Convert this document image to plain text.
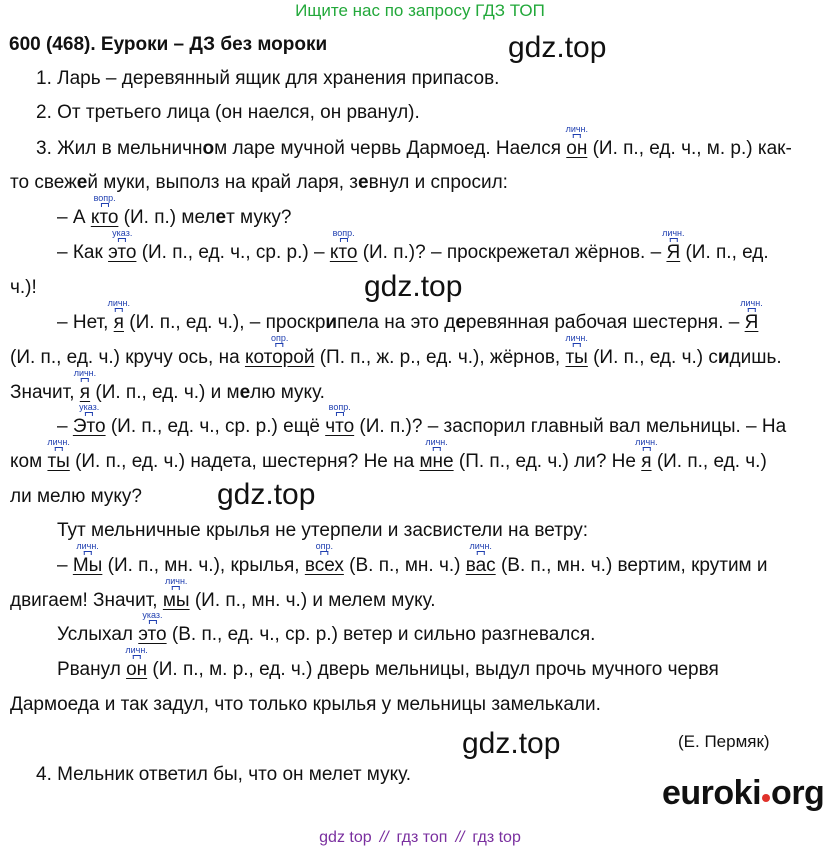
Ищите нас по запросу ГДЗ ТОП
600 (468). Еуроки – ДЗ без мороки	gdz.top
gdz.top
gdz.top
gdz.top
1. Ларь – деревянный ящик для хранения припасов.
2. От третьего лица (он наелся, он рванул).
3. Жил в мельничном ларе мучной червь Дармоед. Наелся
личн.
он (И. п., ед. ч., м. р.) как-
то свежей муки, выполз на край ларя, зевнул и спросил:
– А
вопр.
кто (И. п.) мелет муку?
– Как
указ.
это (И. п., ед. ч., ср. р.) –
вопр.
кто (И. п.)? – проскрежетал жёрнов. –
личн.
Я (И. п., ед.
ч.)!
– Нет,
личн.
я (И. п., ед. ч.), – проскрипела на это деревянная рабочая шестерня. –
личн.
Я
(И. п., ед. ч.) кручу ось, на
опр.
которой (П. п., ж. р., ед. ч.), жёрнов,
личн.
ты (И. п., ед. ч.) сидишь.
Значит,
личн.
я (И. п., ед. ч.) и мелю муку.
–
указ.
Это (И. п., ед. ч., ср. р.) ещё
вопр.
что (И. п.)? – заспорил главный вал мельницы. – На
ком
личн.
ты (И. п., ед. ч.) надета, шестерня? Не на
личн.
мне (П. п., ед. ч.) ли? Не
личн.
я (И. п., ед. ч.)
ли мелю муку?
Тут мельничные крылья не утерпели и засвистели на ветру:
–
личн.
Мы (И. п., мн. ч.), крылья,
опр.
всех (В. п., мн. ч.)
личн.
вас (В. п., мн. ч.) вертим, крутим и
двигаем! Значит,
личн.
мы (И. п., мн. ч.) и мелем муку.
Услыхал
указ.
это (В. п., ед. ч., ср. р.) ветер и сильно разгневался.
Рванул
личн.
он (И. п., м. р., ед. ч.) дверь мельницы, выдул прочь мучного червя
Дармоеда и так задул, что только крылья у мельницы замелькали.
(Е. Пермяк)
4. Мельник ответил бы, что он мелет муку.	euroki org
gdz top // гдз топ // гдз top
